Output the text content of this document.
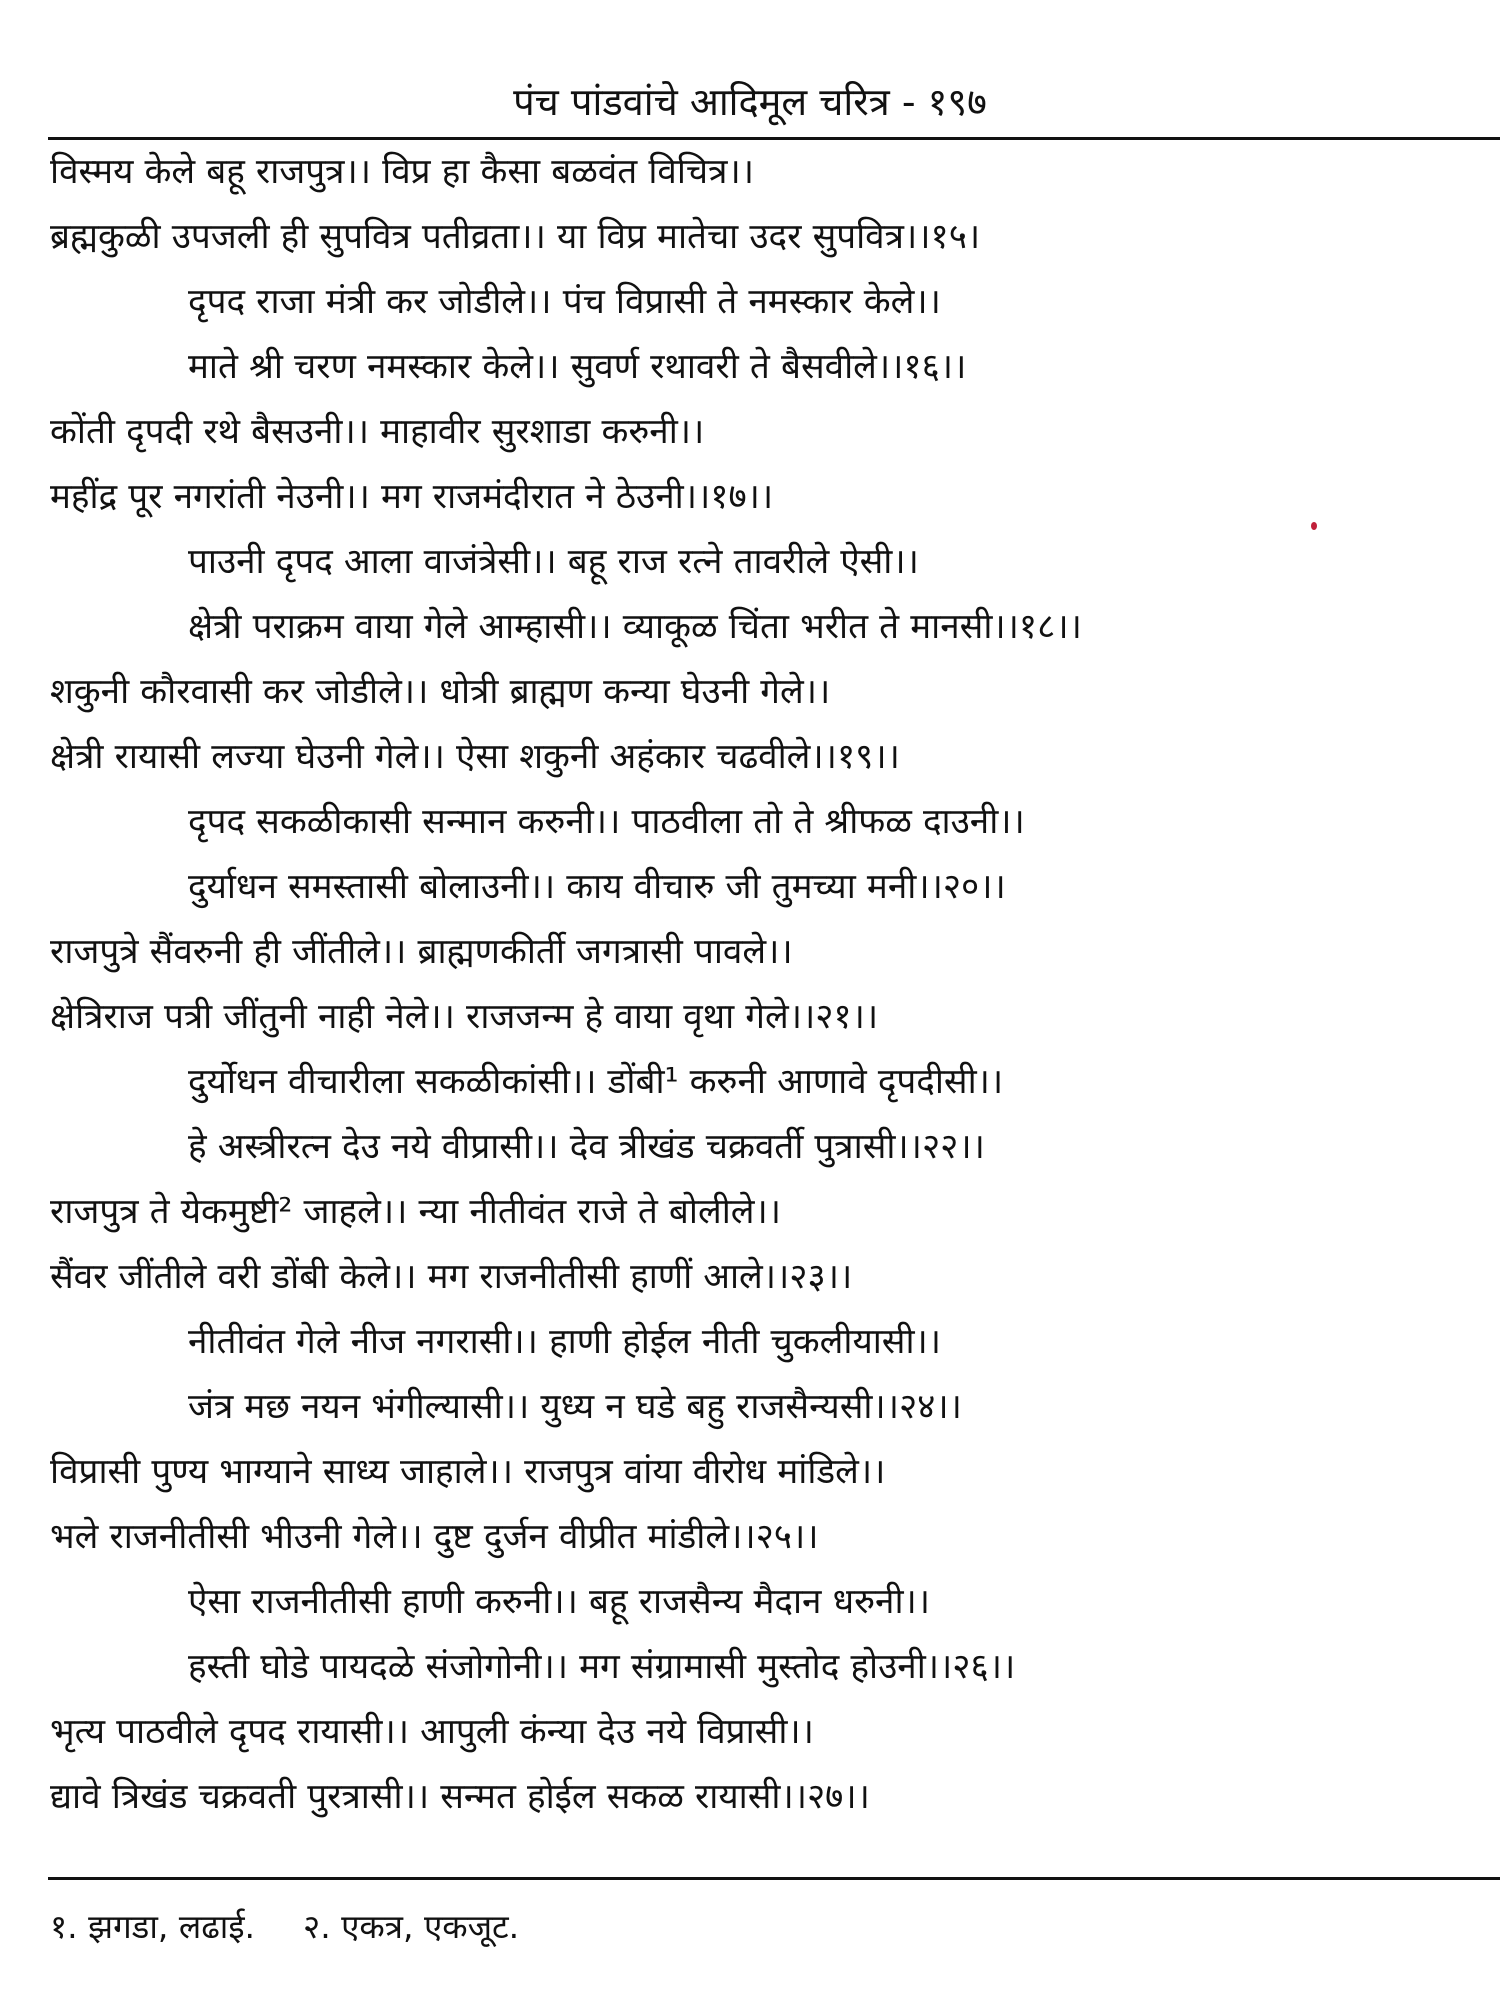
पंच पांडवांचे आदिमूल चरित्र - १९७
विस्मय केले बहू राजपुत्र।। विप्र हा कैसा बळवंत विचित्र।।
ब्रह्मकुळी उपजली ही सुपवित्र पतीव्रता।। या विप्र मातेचा उदर सुपवित्र।।१५।
दृपद राजा मंत्री कर जोडीले।। पंच विप्रासी ते नमस्कार केले।।
माते श्री चरण नमस्कार केले।। सुवर्ण रथावरी ते बैसवीले।।१६।।
कोंती दृपदी रथे बैसउनी।। माहावीर सुरशाडा करुनी।।
महींद्र पूर नगरांती नेउनी।। मग राजमंदीरात ने ठेउनी।।१७।।
पाउनी दृपद आला वाजंत्रेसी।। बहू राज रत्ने तावरीले ऐसी।।
क्षेत्री पराक्रम वाया गेले आम्हासी।। व्याकूळ चिंता भरीत ते मानसी।।१८।।
शकुनी कौरवासी कर जोडीले।। धोत्री ब्राह्मण कन्या घेउनी गेले।।
क्षेत्री रायासी लज्या घेउनी गेले।। ऐसा शकुनी अहंकार चढवीले।।१९।।
दृपद सकळीकासी सन्मान करुनी।। पाठवीला तो ते श्रीफळ दाउनी।।
दुर्याधन समस्तासी बोलाउनी।। काय वीचारु जी तुमच्या मनी।।२०।।
राजपुत्रे सैंवरुनी ही जींतीले।। ब्राह्मणकीर्ती जगत्रासी पावले।।
क्षेत्रिराज पत्री जींतुनी नाही नेले।। राजजन्म हे वाया वृथा गेले।।२१।।
दुर्योधन वीचारीला सकळीकांसी।। डोंबी¹ करुनी आणावे दृपदीसी।।
हे अस्त्रीरत्न देउ नये वीप्रासी।। देव त्रीखंड चक्रवर्ती पुत्रासी।।२२।।
राजपुत्र ते येकमुष्टी² जाहले।। न्या नीतीवंत राजे ते बोलीले।।
सैंवर जींतीले वरी डोंबी केले।। मग राजनीतीसी हाणीं आले।।२३।।
नीतीवंत गेले नीज नगरासी।। हाणी होईल नीती चुकलीयासी।।
जंत्र मछ नयन भंगील्यासी।। युध्य न घडे बहु राजसैन्यसी।।२४।।
विप्रासी पुण्य भाग्याने साध्य जाहाले।। राजपुत्र वांया वीरोध मांडिले।।
भले राजनीतीसी भीउनी गेले।। दुष्ट दुर्जन वीप्रीत मांडीले।।२५।।
ऐसा राजनीतीसी हाणी करुनी।। बहू राजसैन्य मैदान धरुनी।।
हस्ती घोडे पायदळे संजोगोनी।। मग संग्रामासी मुस्तोद होउनी।।२६।।
भृत्य पाठवीले दृपद रायासी।। आपुली कंन्या देउ नये विप्रासी।।
द्यावे त्रिखंड चक्रवती पुरत्रासी।। सन्मत होईल सकळ रायासी।।२७।।
१. झगडा, लढाई. २. एकत्र, एकजूट.
